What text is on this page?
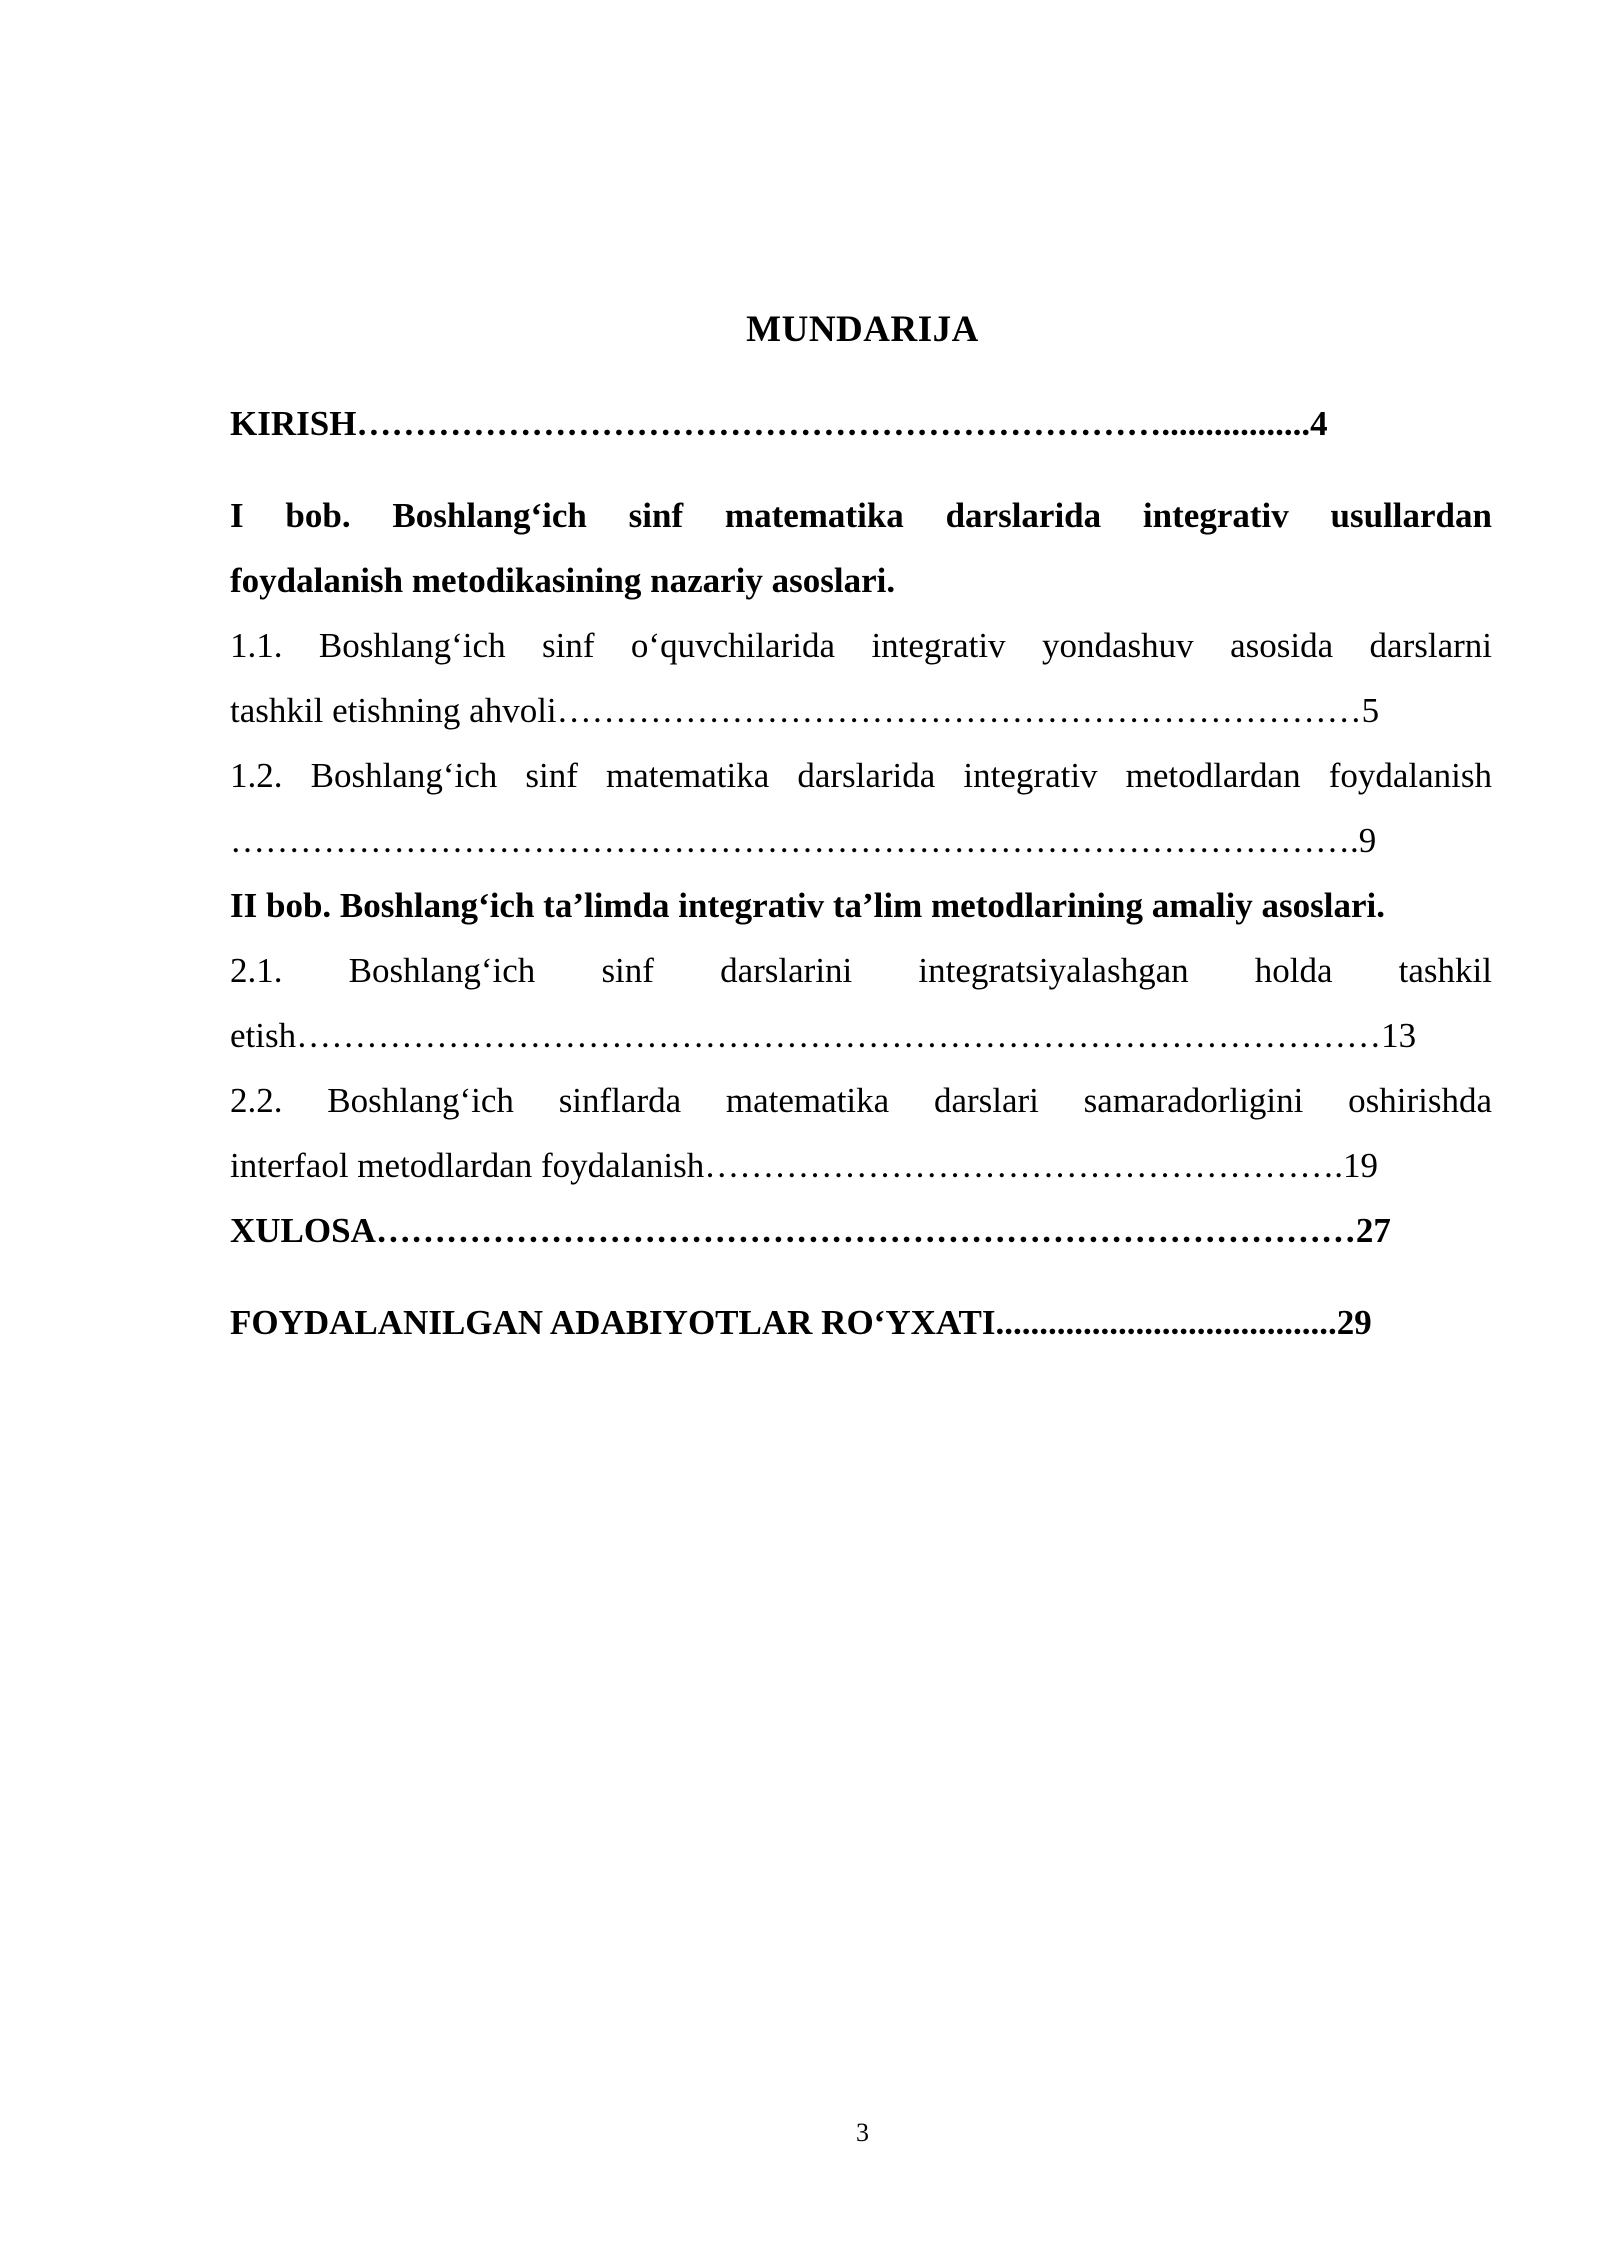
MUNDARIJA
KIRISH…………………………………………………………….................4
I bob. Boshlang‘ich sinf matematika darslarida integrativ usullardan
foydalanish metodikasining nazariy asoslari.
1.1. Boshlang‘ich sinf o‘quvchilarida integrativ yondashuv asosida darslarni
tashkil etishning ahvoli……………………………………………………………5
1.2. Boshlang‘ich sinf matematika darslarida integrativ metodlardan foydalanish
…………………………………………………………………………………….9
II bob. Boshlang‘ich ta’limda integrativ ta’lim metodlarining amaliy asoslari.
2.1. Boshlang‘ich sinf darslarini integratsiyalashgan holda tashkil
etish…………………………………………………………………………………13
2.2. Boshlang‘ich sinflarda matematika darslari samaradorligini oshirishda
interfaol metodlardan foydalanish……………………………………………….19
XULOSA…………………………………………………………………………27
FOYDALANILGAN ADABIYOTLAR RO‘YXATI.......................................29
3
